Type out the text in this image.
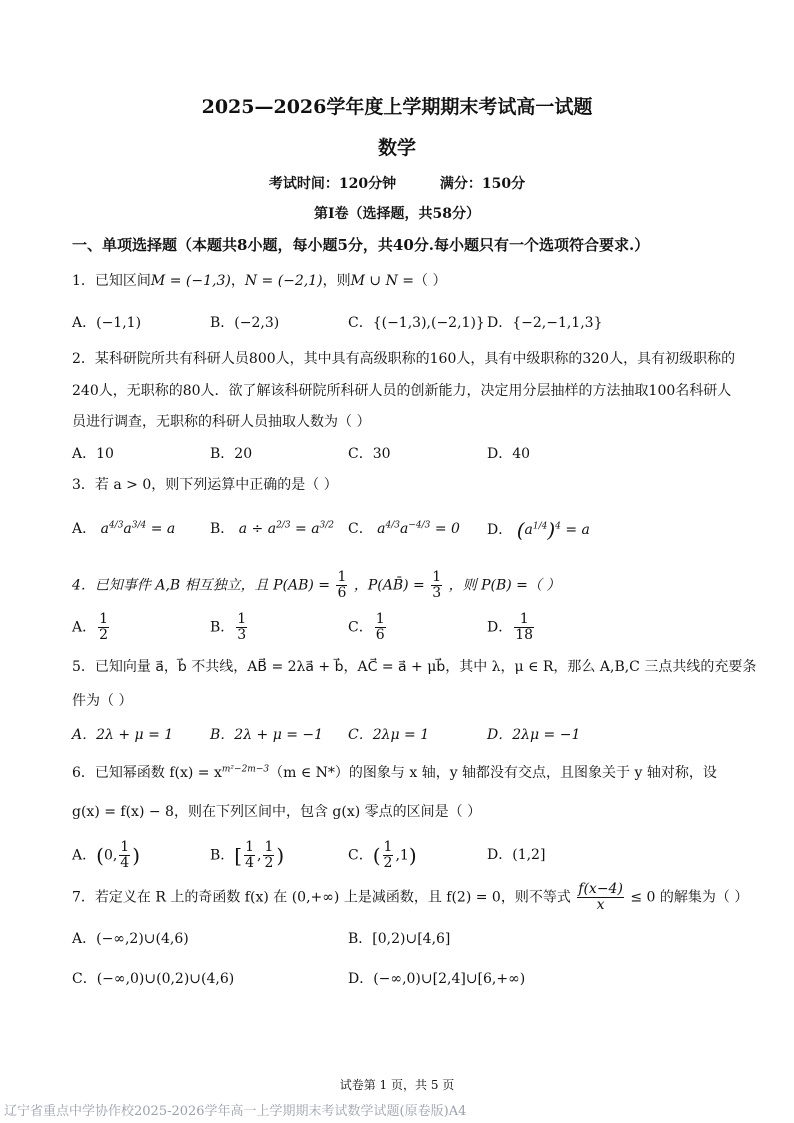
2025—2026学年度上学期期末考试高一试题
数学
考试时间：120分钟	满分：150分
第Ⅰ卷（选择题，共58分）
一、单项选择题（本题共8小题，每小题5分，共40分.每小题只有一个选项符合要求.）
1．已知区间M = (−1,3)，N = (−2,1)，则M ∪ N =（ ）
A．(−1,1)	B．(−2,3)	C．{(−1,3),(−2,1)} D．{−2,−1,1,3}
2．某科研院所共有科研人员800人，其中具有高级职称的160人，具有中级职称的320人，具有初级职称的
240人，无职称的80人．欲了解该科研院所科研人员的创新能力，决定用分层抽样的方法抽取100名科研人
员进行调查，无职称的科研人员抽取人数为（ ）
A．10	B．20	C．30	D．40
3．若 a > 0，则下列运算中正确的是（ ）
A． $a^{4/3}a^{3/4} = a$ B． $a \div a^{2/3} = a^{3/2}$ C． $a^{4/3}a^{-4/3} = 0$ D． $(a^{1/4})^4 = a$
4．已知事件 A,B 相互独立，且 $P(AB) = \frac{1}{6}$ ，P(AB̄) = $\frac{1}{3}$ ，则 P(B) =（ ）
A． $\frac{1}{2}$	B． $\frac{1}{3}$	C． $\frac{1}{6}$	D． $\frac{1}{18}$
5．已知向量 a⃗，b⃗ 不共线，AB⃗ = 2λa⃗ + b⃗，AC⃗ = a⃗ + μb⃗，其中 λ，μ ∈ R，那么 A,B,C 三点共线的充要条
件为（ ）
A．2λ + μ = 1	B．2λ + μ = −1 C．2λμ = 1	D．2λμ = −1
6．已知幂函数 $f(x) = x^{m^2-2m-3}(m$ ∈ N*）的图象与 x 轴，y 轴都没有交点，且图象关于 y 轴对称，设
g(x) = f(x) − 8，则在下列区间中，包含 g(x) 零点的区间是（ ）
A．(0, $\frac{1}{4}$ )	B．[ $\frac{1}{4}$ , $\frac{1}{2}$ )	C．( $\frac{1}{2} ,1$)	D．(1,2]
7．若定义在 R 上的奇函数 f(x) 在 (0,+∞) 上是减函数，且 f(2) = 0，则不等式 $\frac{f(x-4)}{x} \le 0$ 的解集为（ ）
A．(−∞,2)∪(4,6)	B．[0,2)∪[4,6]
C．(−∞,0)∪(0,2)∪(4,6)	D．(−∞,0)∪[2,4]∪[6,+∞)
试卷第 1 页，共 5 页
辽宁省重点中学协作校2025-2026学年高一上学期期末考试数学试题(原卷版)A4
